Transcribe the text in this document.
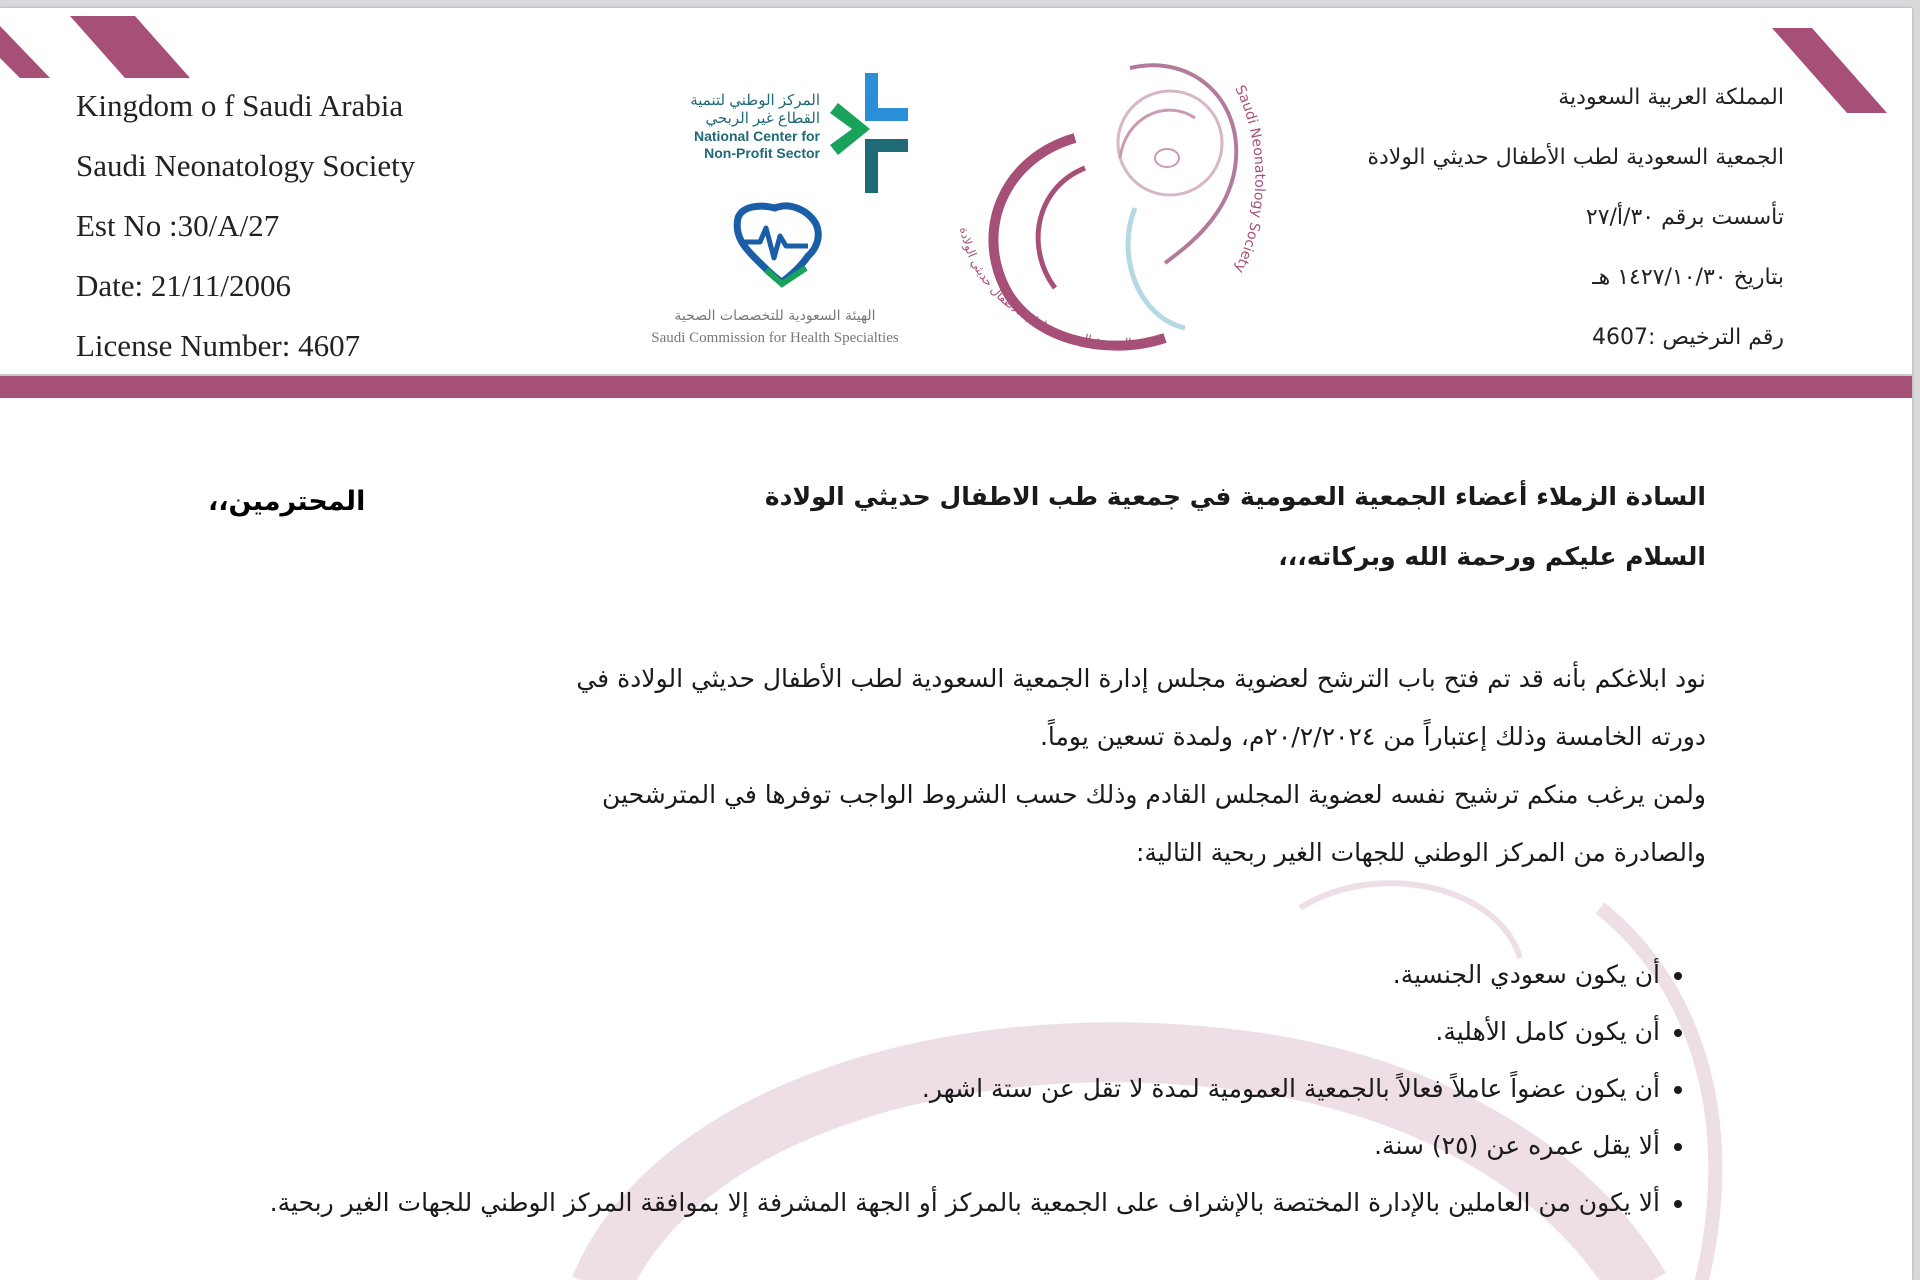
Kingdom o f Saudi Arabia
Saudi Neonatology Society
Est No :30/A/27
Date: 21/11/2006
License Number: 4607
المركز الوطني لتنمية
القطاع غير الربحي
National Center for
Non-Profit Sector
الهيئة السعودية للتخصصات الصحية
Saudi Commission for Health Specialties
Saudi Neonatology Society
الجمعية السعودية لطب الأطفال حديثي الولادة
المملكة العربية السعودية
الجمعية السعودية لطب الأطفال حديثي الولادة
تأسست برقم ٣٠/أ/٢٧
بتاريخ ١٤٢٧/١٠/٣٠ هـ
رقم الترخيص :4607
السادة الزملاء أعضاء الجمعية العمومية في جمعية طب الاطفال حديثي الولادة
المحترمين،،
السلام عليكم ورحمة الله وبركاته،،،
نود ابلاغكم بأنه قد تم فتح باب الترشح لعضوية مجلس إدارة الجمعية السعودية لطب الأطفال حديثي الولادة في
دورته الخامسة وذلك إعتباراً من ٢٠/٢/٢٠٢٤م، ولمدة تسعين يوماً.
ولمن يرغب منكم ترشيح نفسه لعضوية المجلس القادم وذلك حسب الشروط الواجب توفرها في المترشحين
والصادرة من المركز الوطني للجهات الغير ربحية التالية:
• أن يكون سعودي الجنسية.
• أن يكون كامل الأهلية.
• أن يكون عضواً عاملاً فعالاً بالجمعية العمومية لمدة لا تقل عن ستة اشهر.
• ألا يقل عمره عن (٢٥) سنة.
• ألا يكون من العاملين بالإدارة المختصة بالإشراف على الجمعية بالمركز أو الجهة المشرفة إلا بموافقة المركز الوطني للجهات الغير ربحية.
